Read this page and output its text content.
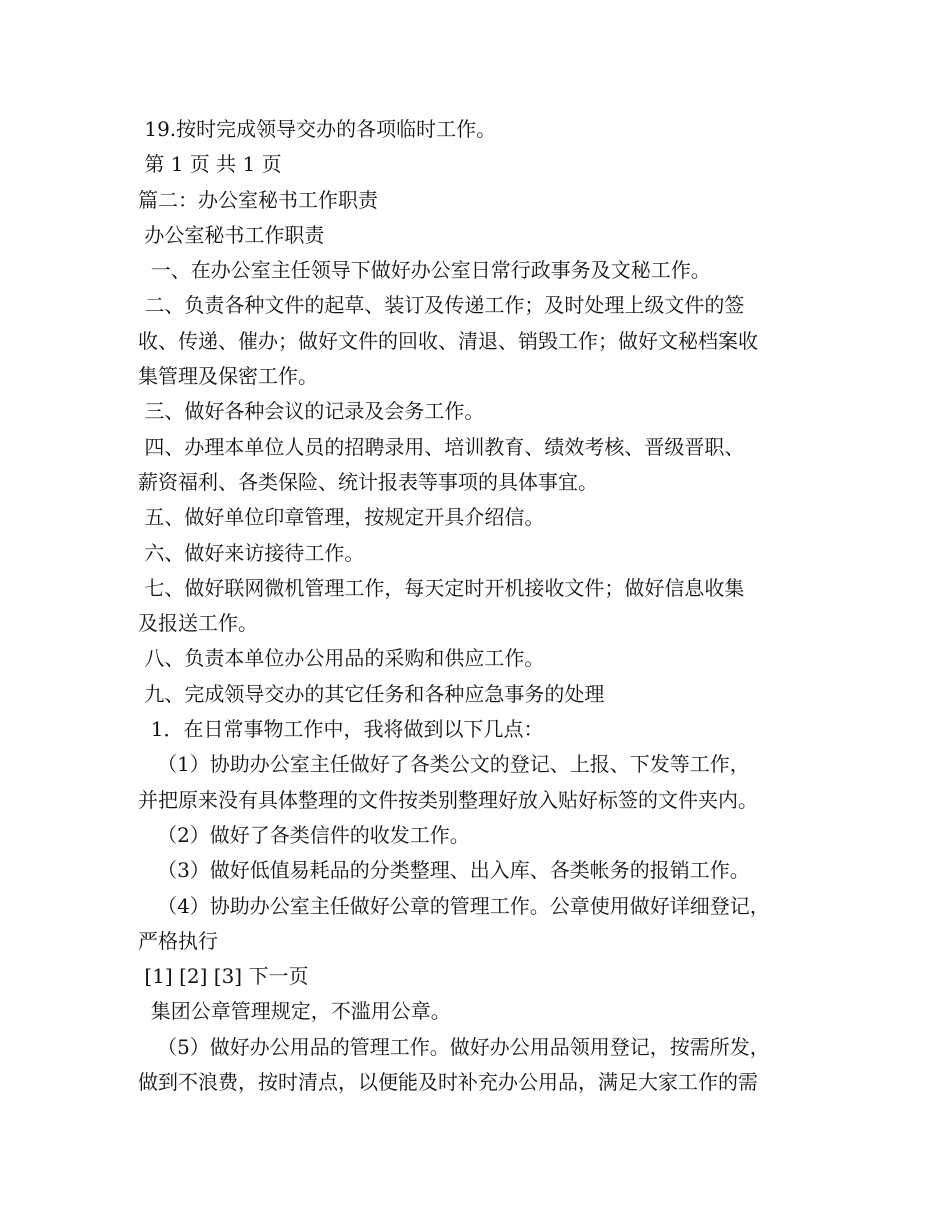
19.按时完成领导交办的各项临时工作。
第 1 页 共 1 页
篇二：办公室秘书工作职责
办公室秘书工作职责
一、在办公室主任领导下做好办公室日常行政事务及文秘工作。
二、负责各种文件的起草、装订及传递工作；及时处理上级文件的签
收、传递、催办；做好文件的回收、清退、销毁工作；做好文秘档案收
集管理及保密工作。
三、做好各种会议的记录及会务工作。
四、办理本单位人员的招聘录用、培训教育、绩效考核、晋级晋职、
薪资福利、各类保险、统计报表等事项的具体事宜。
五、做好单位印章管理，按规定开具介绍信。
六、做好来访接待工作。
七、做好联网微机管理工作，每天定时开机接收文件；做好信息收集
及报送工作。
八、负责本单位办公用品的采购和供应工作。
九、完成领导交办的其它任务和各种应急事务的处理
1．在日常事物工作中，我将做到以下几点：
（1）协助办公室主任做好了各类公文的登记、上报、下发等工作，
并把原来没有具体整理的文件按类别整理好放入贴好标签的文件夹内。
（2）做好了各类信件的收发工作。
（3）做好低值易耗品的分类整理、出入库、各类帐务的报销工作。
（4）协助办公室主任做好公章的管理工作。公章使用做好详细登记，
严格执行
[1] [2] [3] 下一页
集团公章管理规定，不滥用公章。
（5）做好办公用品的管理工作。做好办公用品领用登记，按需所发，
做到不浪费，按时清点，以便能及时补充办公用品，满足大家工作的需
